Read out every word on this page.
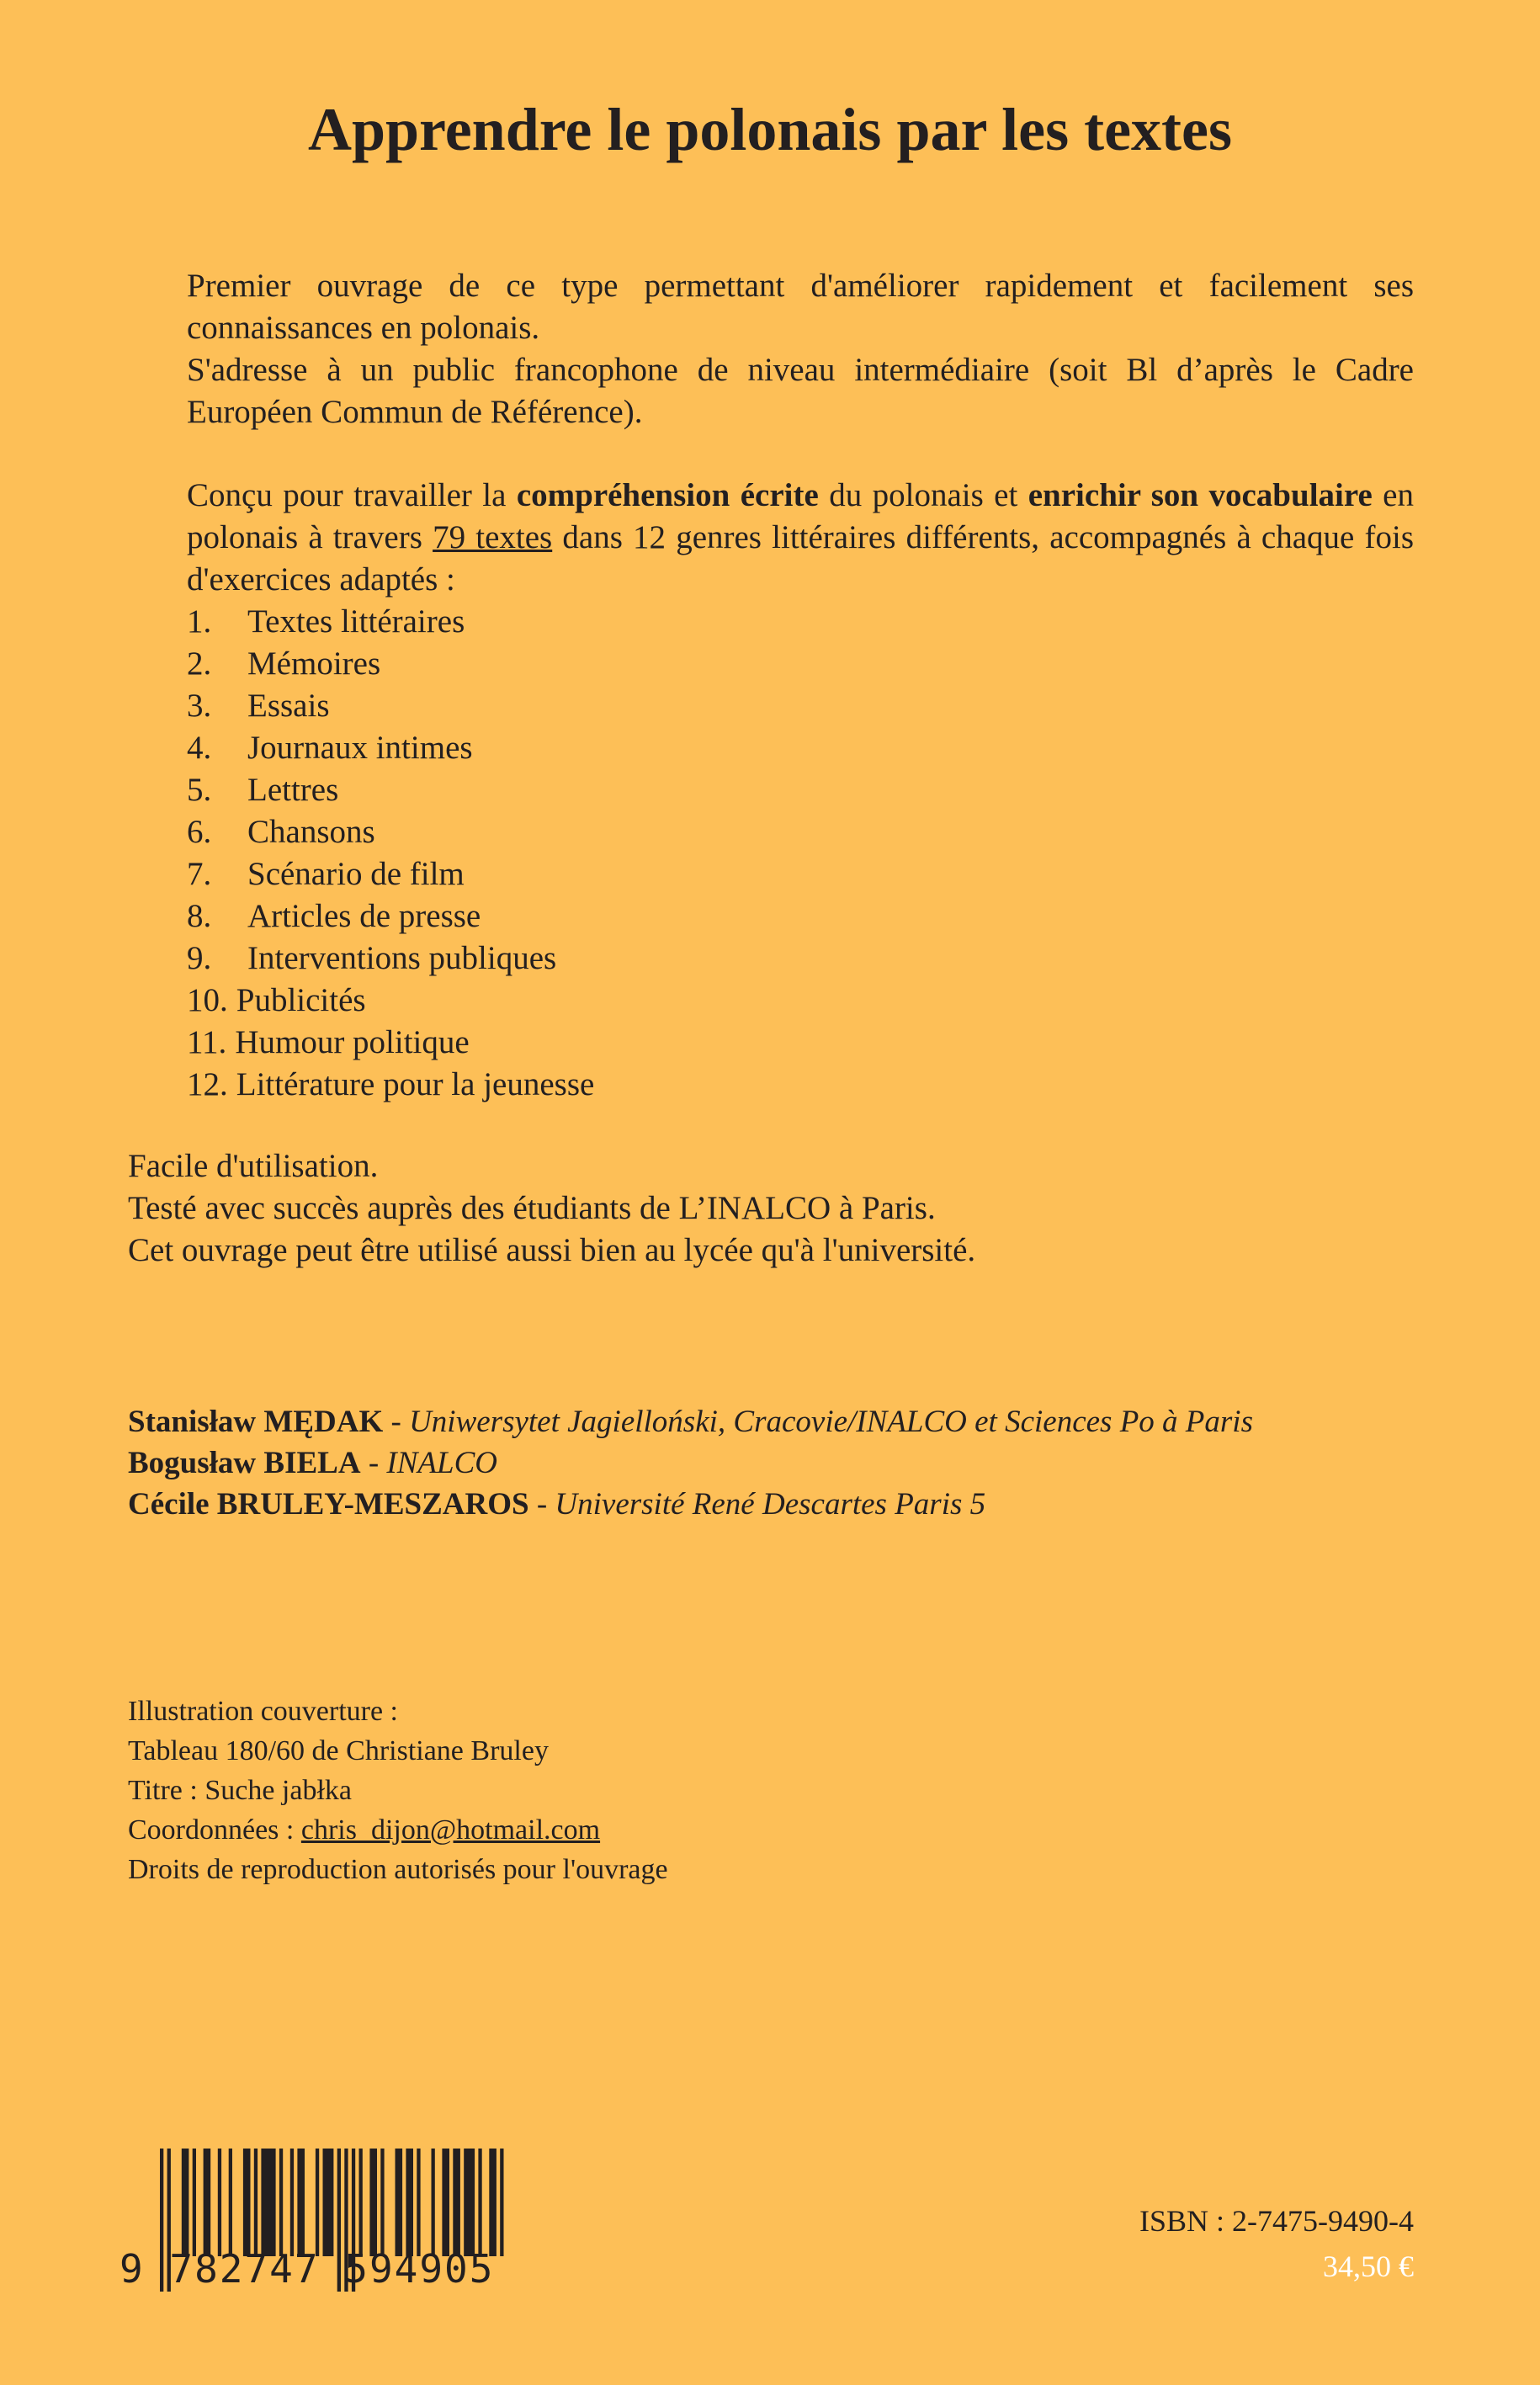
Apprendre le polonais par les textes

Premier ouvrage de ce type permettant d'améliorer rapidement et facilement ses connaissances en polonais.

S'adresse à un public francophone de niveau intermédiaire (soit Bl d’après le Cadre Européen Commun de Référence).

Conçu pour travailler la compréhension écrite du polonais et enrichir son vocabulaire en polonais à travers 79 textes dans 12 genres littéraires différents, accompagnés à chaque fois d'exercices adaptés :

1. Textes littéraires
2. Mémoires
3. Essais
4. Journaux intimes
5. Lettres
6. Chansons
7. Scénario de film
8. Articles de presse
9. Interventions publiques
10. Publicités
11. Humour politique
12. Littérature pour la jeunesse
Facile d'utilisation.
Testé avec succès auprès des étudiants de L’INALCO à Paris.
Cet ouvrage peut être utilisé aussi bien au lycée qu'à l'université.
Stanisław MĘDAK - Uniwersytet Jagielloński, Cracovie/INALCO et Sciences Po à Paris
Bogusław BIELA - INALCO
Cécile BRULEY-MESZAROS - Université René Descartes Paris 5
Illustration couverture :
Tableau 180/60 de Christiane Bruley
Titre : Suche jabłka
Coordonnées : chris_dijon@hotmail.com
Droits de reproduction autorisés pour l'ouvrage
9 782747 594905
ISBN : 2-7475-9490-4
34,50 €
